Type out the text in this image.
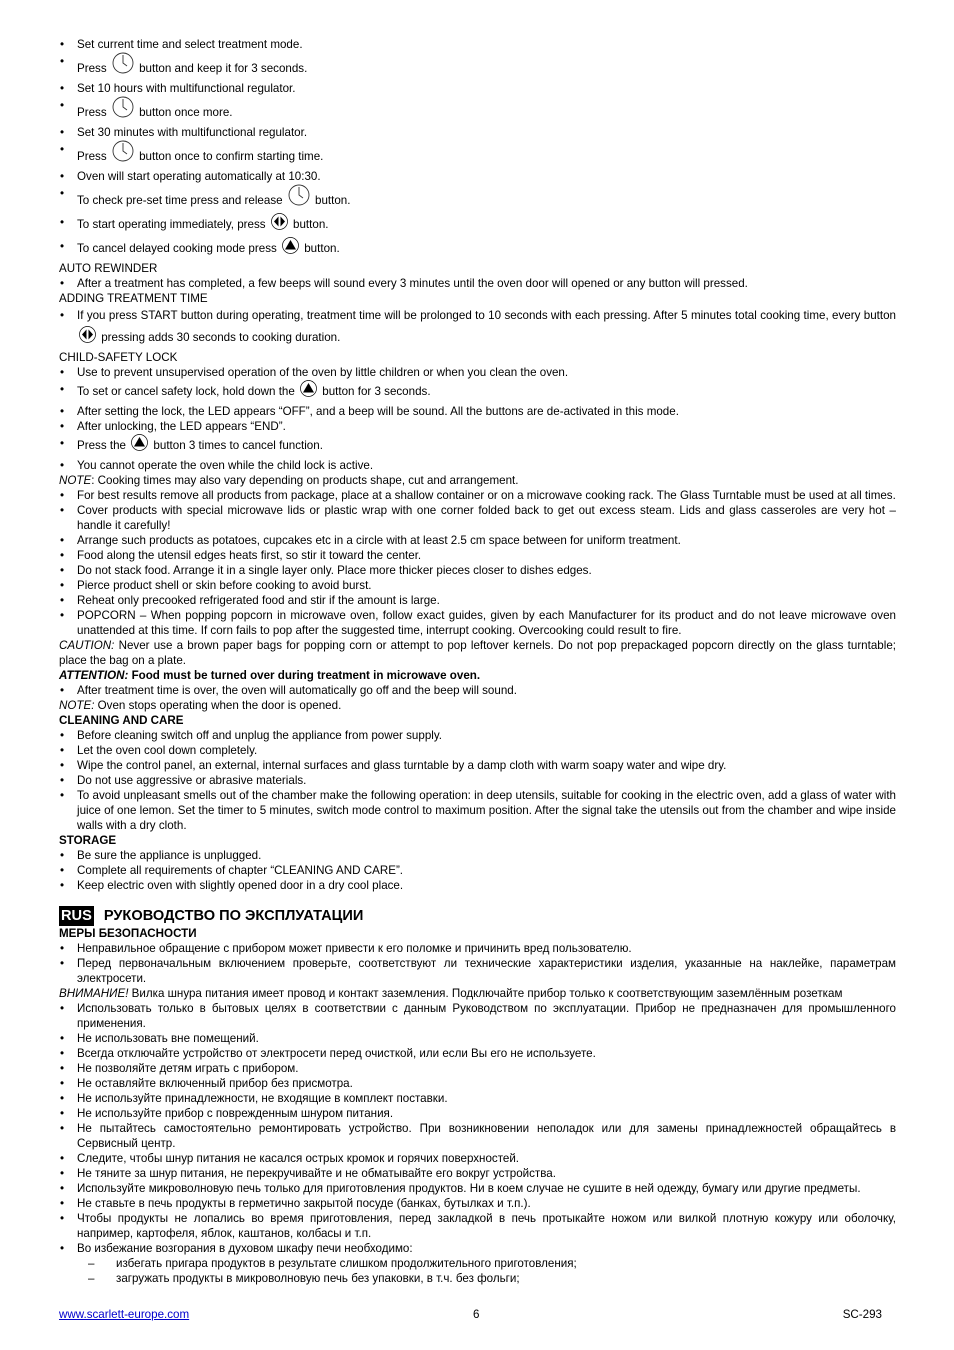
• Set current time and select treatment mode.
• Press  button and keep it for 3 seconds.
• Set 10 hours with multifunctional regulator.
• Press  button once more.
• Set 30 minutes with multifunctional regulator.
• Press  button once to confirm starting time.
• Oven will start operating automatically at 10:30.
• To check pre-set time press and release  button.
• To start operating immediately, press  button.
• To cancel delayed cooking mode press  button.
AUTO REWINDER
• After a treatment has completed, a few beeps will sound every 3 minutes until the oven door will opened or any button will pressed.
ADDING TREATMENT TIME
• If you press START button during operating, treatment time will be prolonged to 10 seconds with each pressing. After 5 minutes total cooking time, every button  pressing adds 30 seconds to cooking duration.
CHILD-SAFETY LOCK
• Use to prevent unsupervised operation of the oven by little children or when you clean the oven.
• To set or cancel safety lock, hold down the  button for 3 seconds.
• After setting the lock, the LED appears “OFF”, and a beep will be sound. All the buttons are de-activated in this mode.
• After unlocking, the LED appears “END”.
• Press the  button 3 times to cancel function.
• You cannot operate the oven while the child lock is active.
NOTE: Cooking times may also vary depending on products shape, cut and arrangement.
• For best results remove all products from package, place at a shallow container or on a microwave cooking rack. The Glass Turntable must be used at all times.
• Cover products with special microwave lids or plastic wrap with one corner folded back to get out excess steam. Lids and glass casseroles are very hot – handle it carefully!
• Arrange such products as potatoes, cupcakes etc in a circle with at least 2.5 cm space between for uniform treatment.
• Food along the utensil edges heats first, so stir it toward the center.
• Do not stack food. Arrange it in a single layer only. Place more thicker pieces closer to dishes edges.
• Pierce product shell or skin before cooking to avoid burst.
• Reheat only precooked refrigerated food and stir if the amount is large.
• POPCORN – When popping popcorn in microwave oven, follow exact guides, given by each Manufacturer for its product and do not leave microwave oven unattended at this time. If corn fails to pop after the suggested time, interrupt cooking. Overcooking could result to fire.
CAUTION: Never use a brown paper bags for popping corn or attempt to pop leftover kernels. Do not pop prepackaged popcorn directly on the glass turntable; place the bag on a plate.
ATTENTION: Food must be turned over during treatment in microwave oven.
• After treatment time is over, the oven will automatically go off and the beep will sound.
NOTE: Oven stops operating when the door is opened.
CLEANING AND CARE
• Before cleaning switch off and unplug the appliance from power supply.
• Let the oven cool down completely.
• Wipe the control panel, an external, internal surfaces and glass turntable by a damp cloth with warm soapy water and wipe dry.
• Do not use aggressive or abrasive materials.
• To avoid unpleasant smells out of the chamber make the following operation: in deep utensils, suitable for cooking in the electric oven, add a glass of water with juice of one lemon. Set the timer to 5 minutes, switch mode control to maximum position. After the signal take the utensils out from the chamber and wipe inside walls with a dry cloth.
STORAGE
• Be sure the appliance is unplugged.
• Complete all requirements of chapter “CLEANING AND CARE”.
• Keep electric oven with slightly opened door in a dry cool place.
RUS РУКОВОДСТВО ПО ЭКСПЛУАТАЦИИ
МЕРЫ БЕЗОПАСНОСТИ
• Неправильное обращение с прибором может привести к его поломке и причинить вред пользователю.
• Перед первоначальным включением проверьте, соответствуют ли технические характеристики изделия, указанные на наклейке, параметрам электросети.
ВНИМАНИЕ! Вилка шнура питания имеет провод и контакт заземления. Подключайте прибор только к соответствующим заземлённым розеткам
• Использовать только в бытовых целях в соответствии с данным Руководством по эксплуатации. Прибор не предназначен для промышленного применения.
• Не использовать вне помещений.
• Всегда отключайте устройство от электросети перед очисткой, или если Вы его не используете.
• Не позволяйте детям играть с прибором.
• Не оставляйте включенный прибор без присмотра.
• Не используйте принадлежности, не входящие в комплект поставки.
• Не используйте прибор с поврежденным шнуром питания.
• Не пытайтесь самостоятельно ремонтировать устройство. При возникновении неполадок или для замены принадлежностей обращайтесь в Сервисный центр.
• Следите, чтобы шнур питания не касался острых кромок и горячих поверхностей.
• Не тяните за шнур питания, не перекручивайте и не обматывайте его вокруг устройства.
• Используйте микроволновую печь только для приготовления продуктов. Ни в коем случае не сушите в ней одежду, бумагу или другие предметы.
• Не ставьте в печь продукты в герметично закрытой посуде (банках, бутылках и т.п.).
• Чтобы продукты не лопались во время приготовления, перед закладкой в печь протыкайте ножом или вилкой плотную кожуру или оболочку, например, картофеля, яблок, каштанов, колбасы и т.п.
• Во избежание возгорания в духовом шкафу печи необходимо:
– избегать пригара продуктов в результате слишком продолжительного приготовления;
– загружать продукты в микроволновую печь без упаковки, в т.ч. без фольги;
www.scarlett-europe.com	6	SC-293
